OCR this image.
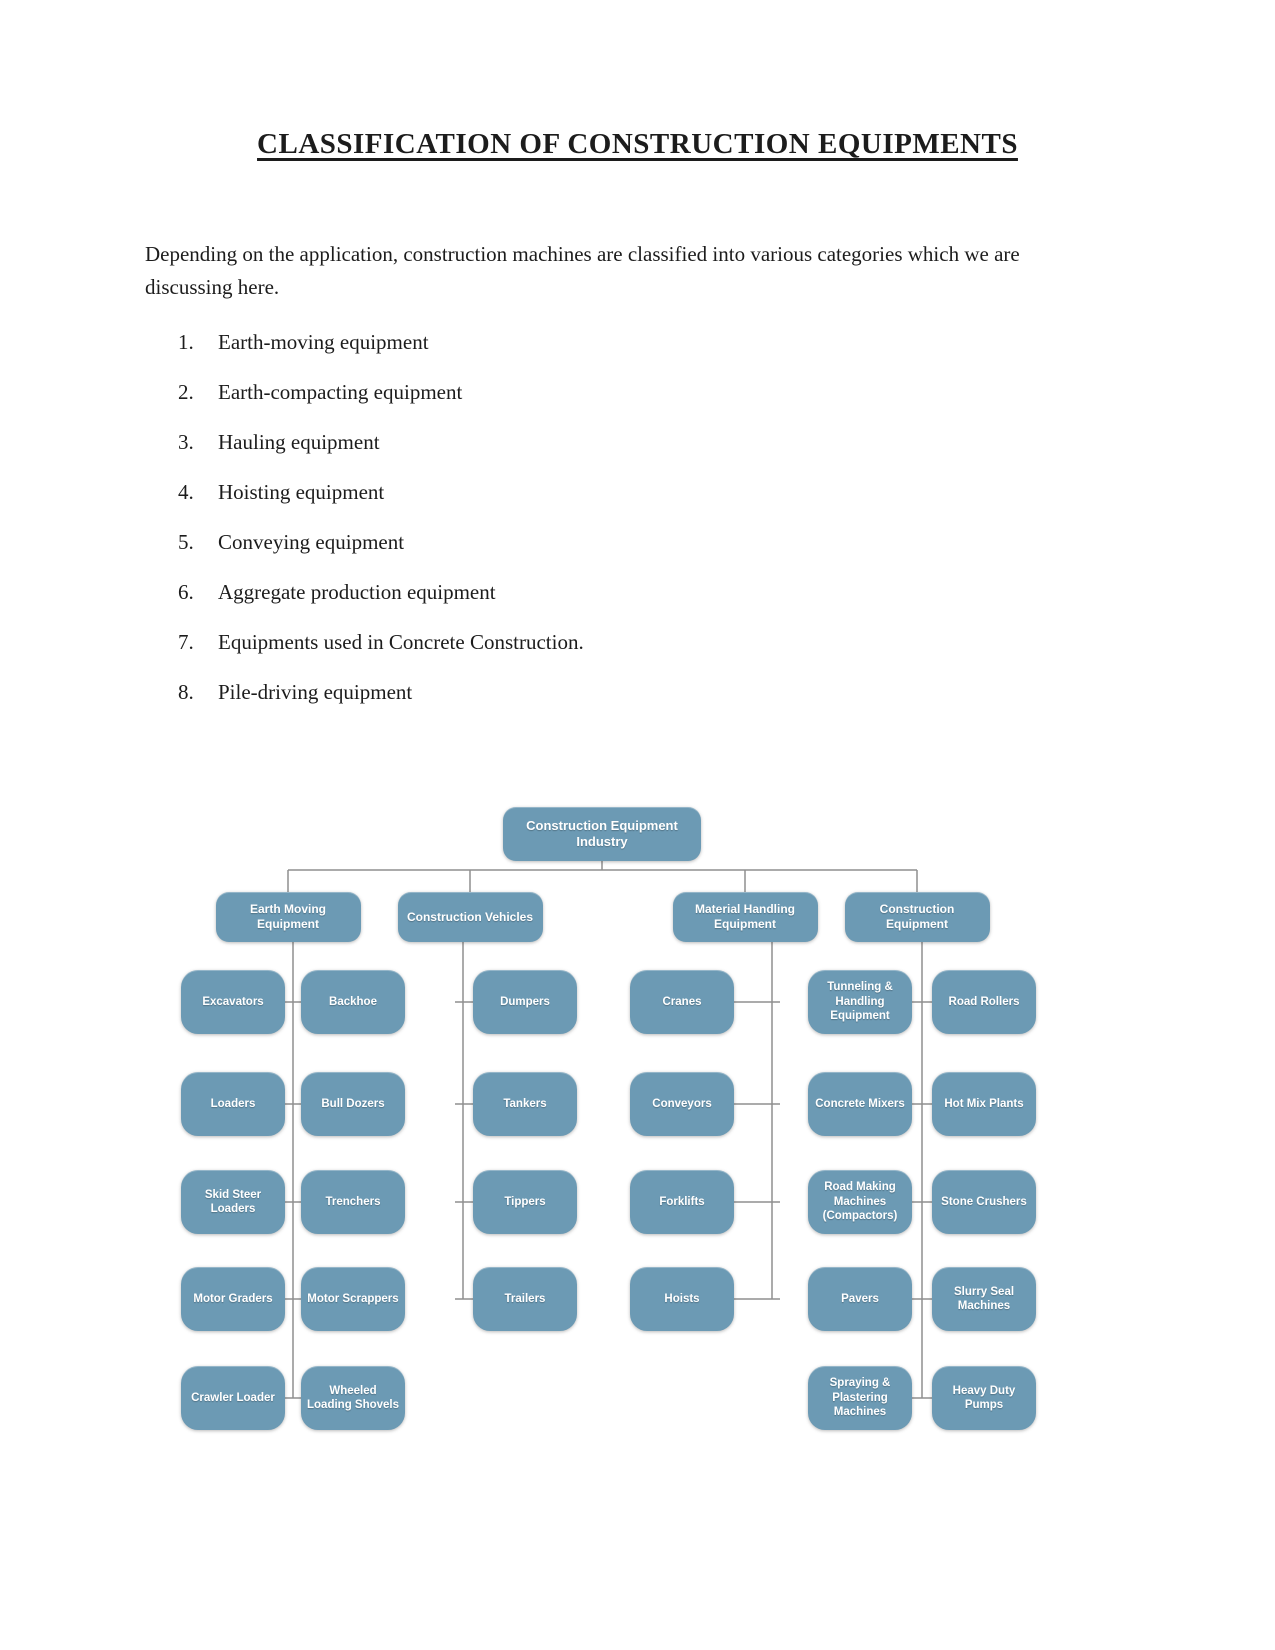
CLASSIFICATION OF CONSTRUCTION EQUIPMENTS

Depending on the application, construction machines are classified into various categories which we are discussing here.

1.	Earth-moving equipment
2.	Earth-compacting equipment
3.	Hauling equipment
4.	Hoisting equipment
5.	Conveying equipment
6.	Aggregate production equipment
7.	Equipments used in Concrete Construction.
8.	Pile-driving equipment
Construction Equipment Industry
Earth Moving Equipment
Excavators	Backhoe
Loaders	Bull Dozers
Skid Steer Loaders
Trenchers
Motor Graders	Motor Scrappers
Crawler Loader
Wheeled Loading Shovels
Construction Vehicles
Dumpers
Tankers
Tippers
Trailers
Material Handling Equipment
Cranes
Conveyors
Forklifts
Hoists
Construction Equipment
Tunneling & Handling Equipment
Road Rollers
Concrete Mixers	Hot Mix Plants
Road Making Machines (Compactors)
Stone Crushers
Pavers
Slurry Seal Machines
Spraying & Plastering Machines
Heavy Duty Pumps
